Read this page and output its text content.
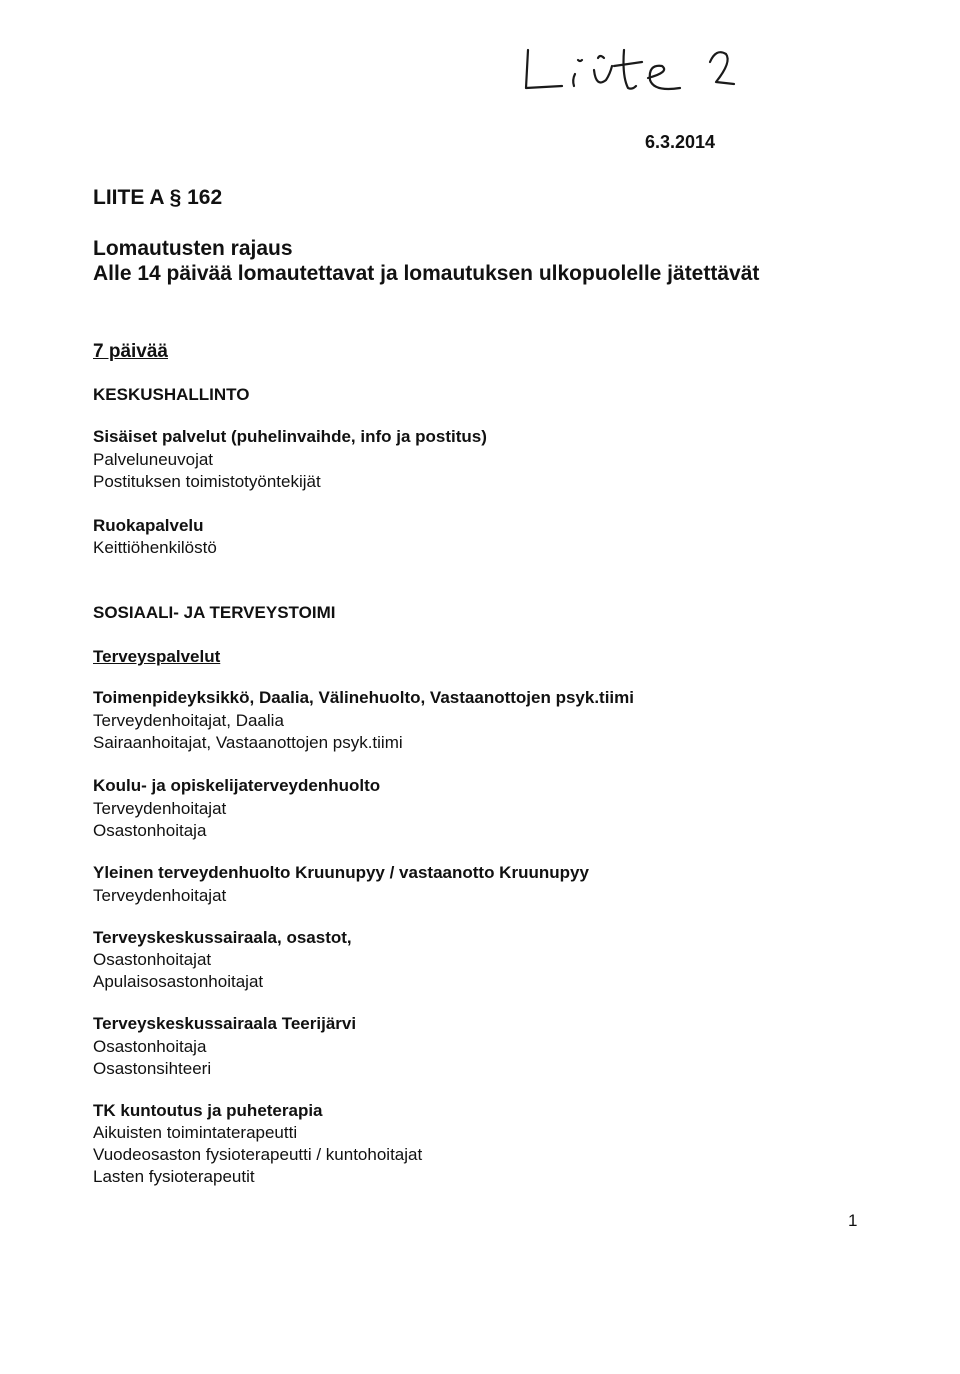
6.3.2014

LIITE A § 162

Lomautusten rajaus

Alle 14 päivää lomautettavat ja lomautuksen ulkopuolelle jätettävät

7 päivää

KESKUSHALLINTO

Sisäiset palvelut (puhelinvaihde, info ja postitus)

Palveluneuvojat

Postituksen toimistotyöntekijät

Ruokapalvelu

Keittiöhenkilöstö

SOSIAALI- JA TERVEYSTOIMI

Terveyspalvelut

Toimenpideyksikkö, Daalia, Välinehuolto, Vastaanottojen psyk.tiimi

Terveydenhoitajat, Daalia

Sairaanhoitajat, Vastaanottojen psyk.tiimi

Koulu- ja opiskelijaterveydenhuolto

Terveydenhoitajat

Osastonhoitaja

Yleinen terveydenhuolto Kruunupyy / vastaanotto Kruunupyy

Terveydenhoitajat

Terveyskeskussairaala, osastot,

Osastonhoitajat

Apulaisosastonhoitajat

Terveyskeskussairaala Teerijärvi

Osastonhoitaja

Osastonsihteeri

TK kuntoutus ja puheterapia

Aikuisten toimintaterapeutti

Vuodeosaston fysioterapeutti / kuntohoitajat

Lasten fysioterapeutit

1
